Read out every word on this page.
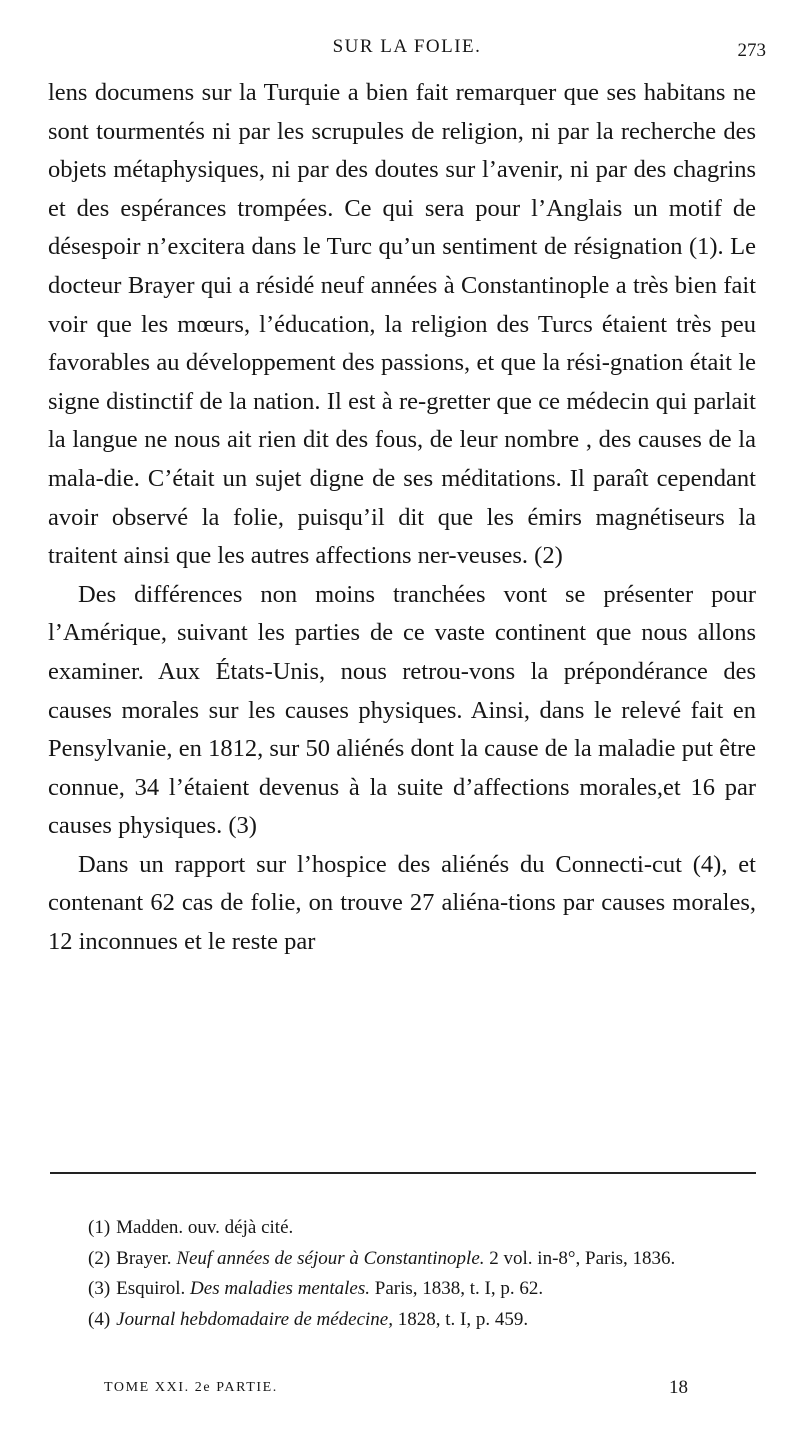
SUR LA FOLIE.	273

lens documens sur la Turquie a bien fait remarquer que ses habitans ne sont tourmentés ni par les scrupules de religion, ni par la recherche des objets métaphysiques, ni par des doutes sur l’avenir, ni par des chagrins et des espérances trompées. Ce qui sera pour l’Anglais un motif de désespoir n’excitera dans le Turc qu’un sentiment de résignation (1). Le docteur Brayer qui a résidé neuf années à Constantinople a très bien fait voir que les mœurs, l’éducation, la religion des Turcs étaient très peu favorables au développement des passions, et que la rési-gnation était le signe distinctif de la nation. Il est à re-gretter que ce médecin qui parlait la langue ne nous ait rien dit des fous, de leur nombre , des causes de la mala-die. C’était un sujet digne de ses méditations. Il paraît cependant avoir observé la folie, puisqu’il dit que les émirs magnétiseurs la traitent ainsi que les autres affections ner-veuses. (2)

Des différences non moins tranchées vont se présenter pour l’Amérique, suivant les parties de ce vaste continent que nous allons examiner. Aux États-Unis, nous retrou-vons la prépondérance des causes morales sur les causes physiques. Ainsi, dans le relevé fait en Pensylvanie, en 1812, sur 50 aliénés dont la cause de la maladie put être connue, 34 l’étaient devenus à la suite d’affections morales,et 16 par causes physiques. (3)

Dans un rapport sur l’hospice des aliénés du Connecti-cut (4), et contenant 62 cas de folie, on trouve 27 aliéna-tions par causes morales, 12 inconnues et le reste par

(1) Madden. ouv. déjà cité.

(2) Brayer. Neuf années de séjour à Constantinople. 2 vol. in-8°, Paris, 1836.

(3) Esquirol. Des maladies mentales. Paris, 1838, t. I, p. 62.

(4) Journal hebdomadaire de médecine, 1828, t. I, p. 459.

TOME XXI. 2e PARTIE.	18
